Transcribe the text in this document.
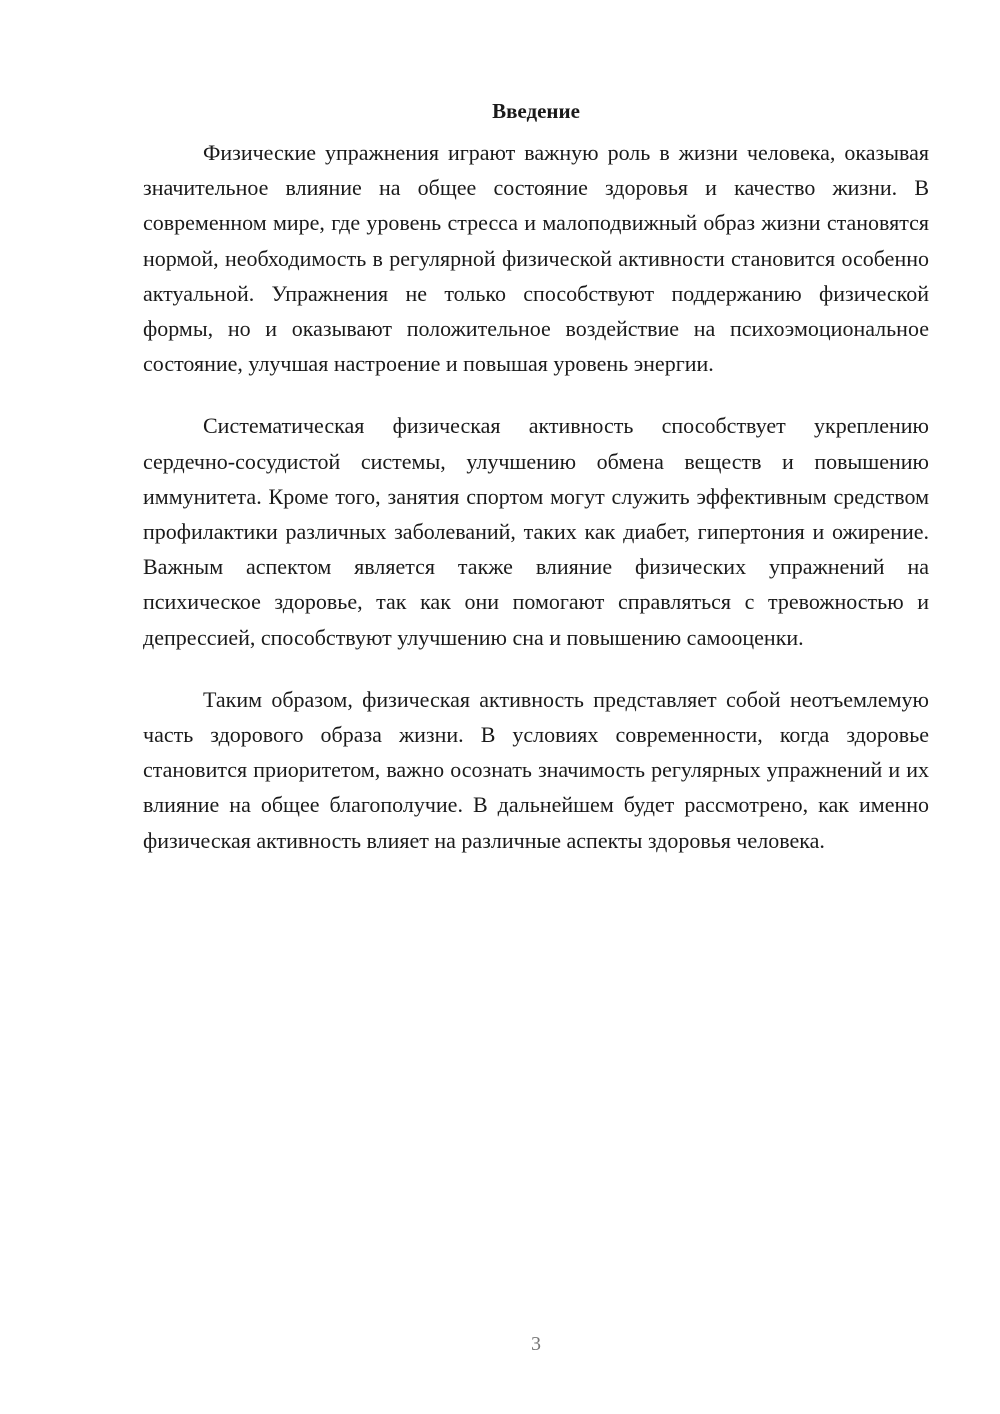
Введение

Физические упражнения играют важную роль в жизни человека, оказывая значительное влияние на общее состояние здоровья и качество жизни. В современном мире, где уровень стресса и малоподвижный образ жизни становятся нормой, необходимость в регулярной физической активности становится особенно актуальной. Упражнения не только способствуют поддержанию физической формы, но и оказывают положительное воздействие на психоэмоциональное состояние, улучшая настроение и повышая уровень энергии.

Систематическая физическая активность способствует укреплению сердечно-сосудистой системы, улучшению обмена веществ и повышению иммунитета. Кроме того, занятия спортом могут служить эффективным средством профилактики различных заболеваний, таких как диабет, гипертония и ожирение. Важным аспектом является также влияние физических упражнений на психическое здоровье, так как они помогают справляться с тревожностью и депрессией, способствуют улучшению сна и повышению самооценки.

Таким образом, физическая активность представляет собой неотъемлемую часть здорового образа жизни. В условиях современности, когда здоровье становится приоритетом, важно осознать значимость регулярных упражнений и их влияние на общее благополучие. В дальнейшем будет рассмотрено, как именно физическая активность влияет на различные аспекты здоровья человека.

3
